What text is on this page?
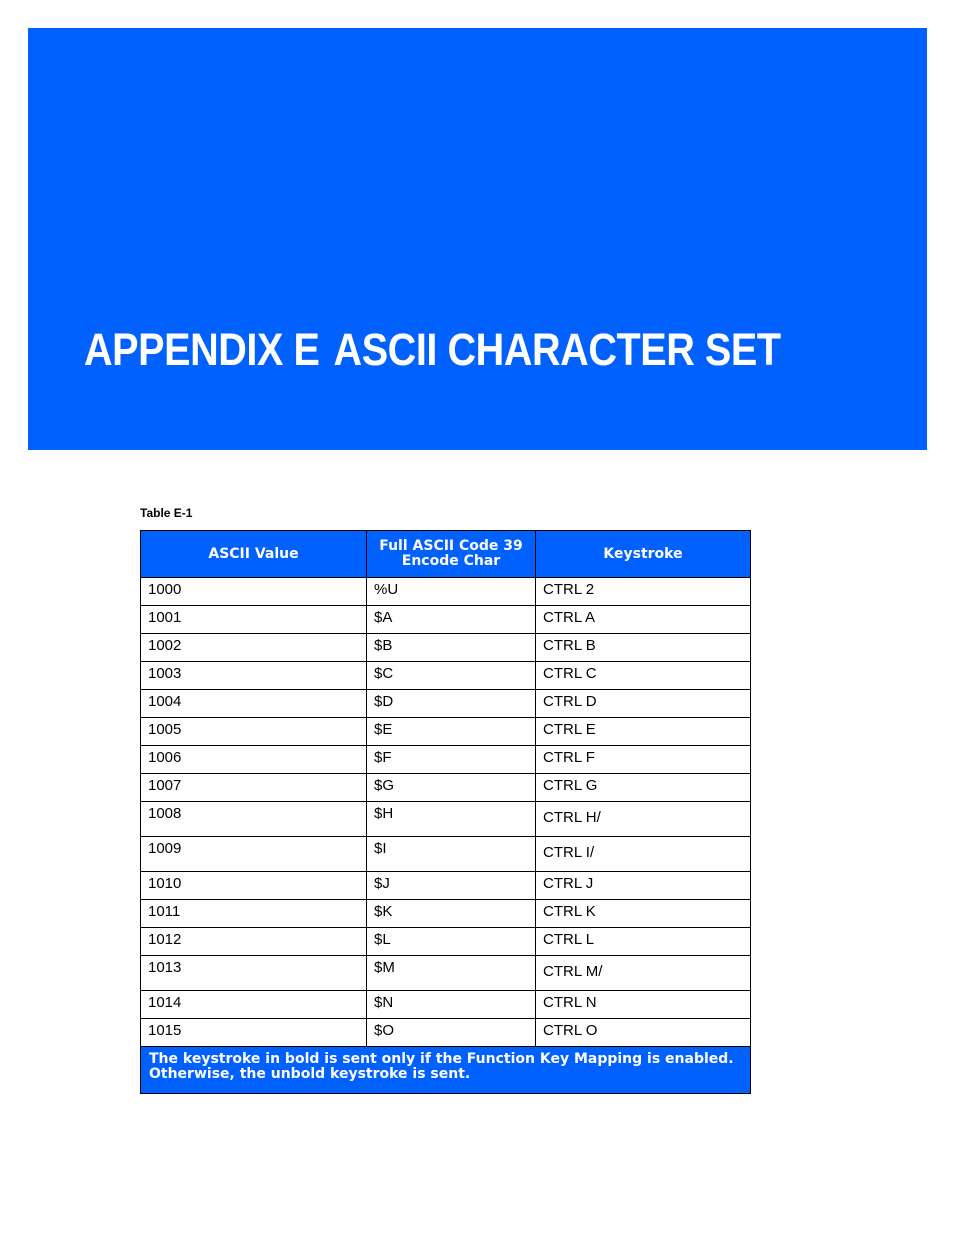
APPENDIX E ASCII CHARACTER SET
Table E-1
ASCII Value	Full ASCII Code 39 Encode Char	Keystroke
1000	%U	CTRL 2
1001	$A	CTRL A
1002	$B	CTRL B
1003	$C	CTRL C
1004	$D	CTRL D
1005	$E	CTRL E
1006	$F	CTRL F
1007	$G	CTRL G
1008	$H	CTRL H/
1009	$I	CTRL I/
1010	$J	CTRL J
1011	$K	CTRL K
1012	$L	CTRL L
1013	$M	CTRL M/
1014	$N	CTRL N
1015	$O	CTRL O

The keystroke in bold is sent only if the Function Key Mapping is enabled.
Otherwise, the unbold keystroke is sent.		
